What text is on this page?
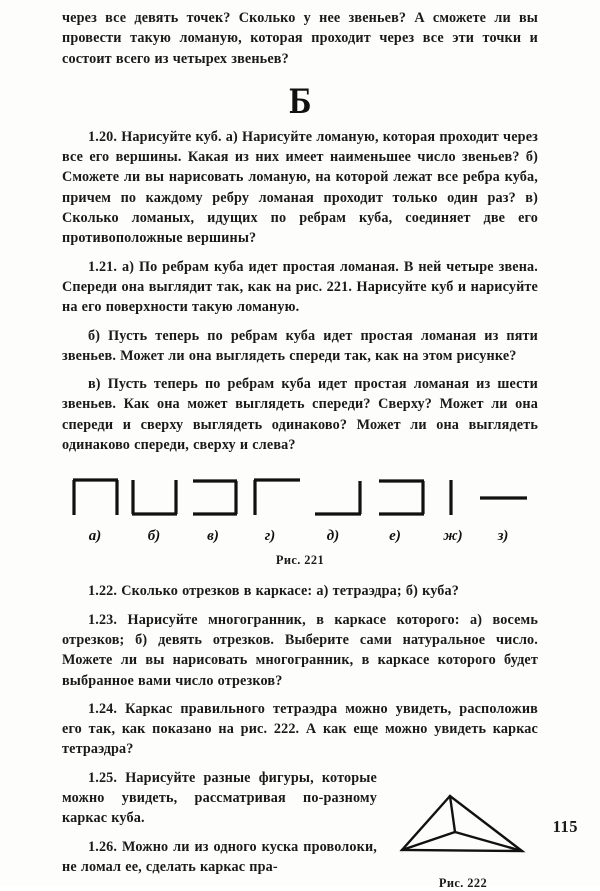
через все девять точек? Сколько у нее звеньев? А сможете ли вы провести такую ломаную, которая проходит через все эти точки и состоит всего из четырех звеньев?

Б

1.20. Нарисуйте куб. а) Нарисуйте ломаную, которая проходит через все его вершины. Какая из них имеет наименьшее число звеньев? б) Сможете ли вы нарисовать ломаную, на которой лежат все ребра куба, причем по каждому ребру ломаная проходит только один раз? в) Сколько ломаных, идущих по ребрам куба, соединяет две его противоположные вершины?

1.21. а) По ребрам куба идет простая ломаная. В ней четыре звена. Спереди она выглядит так, как на рис. 221. Нарисуйте куб и нарисуйте на его поверхности такую ломаную.

б) Пусть теперь по ребрам куба идет простая ломаная из пяти звеньев. Может ли она выглядеть спереди так, как на этом рисунке?

в) Пусть теперь по ребрам куба идет простая ломаная из шести звеньев. Как она может выглядеть спереди? Сверху? Может ли она спереди и сверху выглядеть одинаково? Может ли она выглядеть одинаково спереди, сверху и слева?

а)	б)	в)	г)	д)	е)	ж) з)
Рис. 221

1.22. Сколько отрезков в каркасе: а) тетраэдра; б) куба?

1.23. Нарисуйте многогранник, в каркасе которого: а) восемь отрезков; б) девять отрезков. Выберите сами натуральное число. Можете ли вы нарисовать многогранник, в каркасе которого будет выбранное вами число отрезков?

1.24. Каркас правильного тетраэдра можно увидеть, расположив его так, как показано на рис. 222. А как еще можно увидеть каркас тетраэдра?

Рис. 222

1.25. Нарисуйте разные фигуры, которые можно увидеть, рассматривая по-разному каркас куба.

1.26. Можно ли из одного куска проволоки, не ломал ее, сделать каркас пра-

115
